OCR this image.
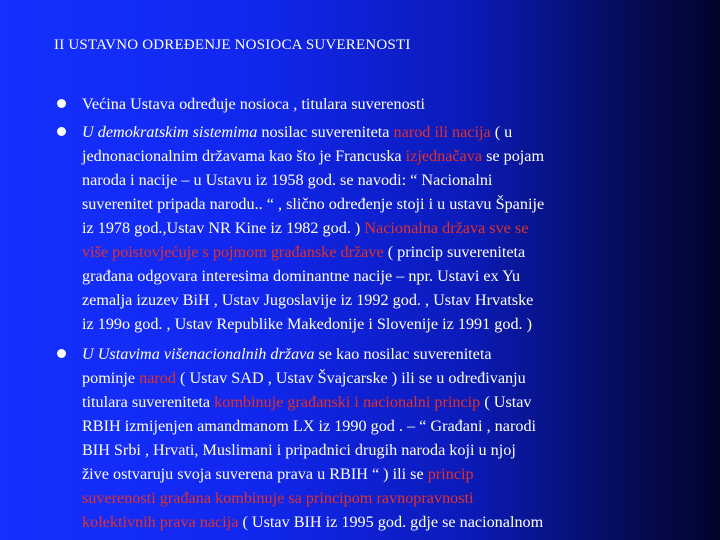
II USTAVNO ODREĐENJE NOSIOCA SUVERENOSTI
Većina Ustava određuje nosioca , titulara suverenosti
U demokratskim sistemima nosilac suvereniteta narod ili nacija ( u
jednonacionalnim državama kao što je Francuska izjednačava se pojam
naroda i nacije – u Ustavu iz 1958 god. se navodi: “ Nacionalni
suverenitet pripada narodu.. “ , slično određenje stoji i u ustavu Španije
iz 1978 god.,Ustav NR Kine iz 1982 god. ) Nacionalna država sve se
više poistovjećuje s pojmom građanske države ( princip suvereniteta
građana odgovara interesima dominantne nacije – npr. Ustavi ex Yu
zemalja izuzev BiH , Ustav Jugoslavije iz 1992 god. , Ustav Hrvatske
iz 199o god. , Ustav Republike Makedonije i Slovenije iz 1991 god. )
U Ustavima višenacionalnih država se kao nosilac suvereniteta
pominje narod ( Ustav SAD , Ustav Švajcarske ) ili se u određivanju
titulara suvereniteta kombinuje građanski i nacionalni princip ( Ustav
RBIH izmijenjen amandmanom LX iz 1990 god . – “ Građani , narodi
BIH Srbi , Hrvati, Muslimani i pripadnici drugih naroda koji u njoj
žive ostvaruju svoja suverena prava u RBIH “ ) ili se princip
suverenosti građana kombinuje sa principom ravnopravnosti
kolektivnih prava nacija ( Ustav BIH iz 1995 god. gdje se nacionalnom
